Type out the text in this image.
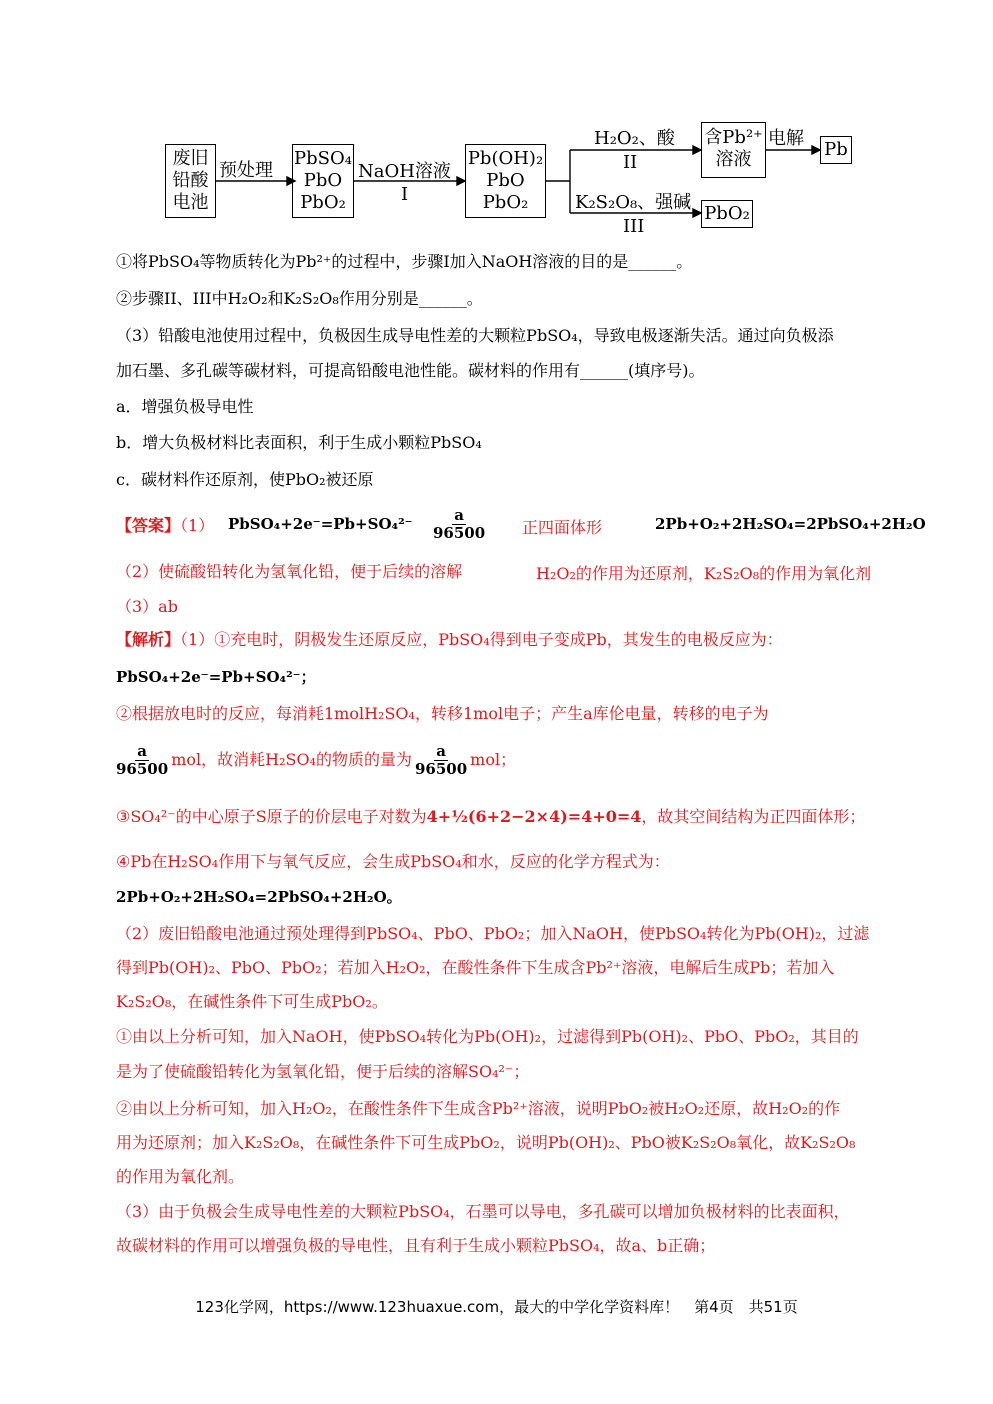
废旧
铅酸
电池
预处理
PbSO₄
PbO
PbO₂
NaOH溶液
I
Pb(OH)₂
PbO
PbO₂
H₂O₂、酸
II
含Pb²⁺
溶液
电解
Pb
K₂S₂O₈、强碱
III
PbO₂
①将PbSO₄等物质转化为Pb²⁺的过程中，步骤I加入NaOH溶液的目的是______。
②步骤II、III中H₂O₂和K₂S₂O₈作用分别是______。
（3）铅酸电池使用过程中，负极因生成导电性差的大颗粒PbSO₄，导致电极逐渐失活。通过向负极添
加石墨、多孔碳等碳材料，可提高铅酸电池性能。碳材料的作用有______(填序号)。
a．增强负极导电性
b．增大负极材料比表面积，利于生成小颗粒PbSO₄
c．碳材料作还原剂，使PbO₂被还原
【答案】（1） PbSO₄+2e⁻=Pb+SO₄²⁻ $\frac{a}{96500}$ 正四面体形	2Pb+O₂+2H₂SO₄=2PbSO₄+2H₂O
（2）使硫酸铅转化为氢氧化铅，便于后续的溶解	H₂O₂的作用为还原剂，K₂S₂O₈的作用为氧化剂
（3）ab
【解析】（1）①充电时，阴极发生还原反应，PbSO₄得到电子变成Pb，其发生的电极反应为：
PbSO₄+2e⁻=Pb+SO₄²⁻；
②根据放电时的反应，每消耗1molH₂SO₄，转移1mol电子；产生a库伦电量，转移的电子为
$\frac{a}{96500}$ mol，故消耗H₂SO₄的物质的量为 $\frac{a}{96500}$ mol；
③SO₄²⁻的中心原子S原子的价层电子对数为4+½(6+2−2×4)=4+0=4，故其空间结构为正四面体形；
④Pb在H₂SO₄作用下与氧气反应，会生成PbSO₄和水，反应的化学方程式为：
2Pb+O₂+2H₂SO₄=2PbSO₄+2H₂O。
（2）废旧铅酸电池通过预处理得到PbSO₄、PbO、PbO₂；加入NaOH，使PbSO₄转化为Pb(OH)₂，过滤
得到Pb(OH)₂、PbO、PbO₂；若加入H₂O₂，在酸性条件下生成含Pb²⁺溶液，电解后生成Pb；若加入
K₂S₂O₈，在碱性条件下可生成PbO₂。
①由以上分析可知，加入NaOH，使PbSO₄转化为Pb(OH)₂，过滤得到Pb(OH)₂、PbO、PbO₂，其目的
是为了使硫酸铅转化为氢氧化铅，便于后续的溶解SO₄²⁻；
②由以上分析可知，加入H₂O₂，在酸性条件下生成含Pb²⁺溶液，说明PbO₂被H₂O₂还原，故H₂O₂的作
用为还原剂；加入K₂S₂O₈，在碱性条件下可生成PbO₂，说明Pb(OH)₂、PbO被K₂S₂O₈氧化，故K₂S₂O₈
的作用为氧化剂。
（3）由于负极会生成导电性差的大颗粒PbSO₄，石墨可以导电，多孔碳可以增加负极材料的比表面积，
故碳材料的作用可以增强负极的导电性，且有利于生成小颗粒PbSO₄，故a、b正确；
123化学网，https://www.123huaxue.com，最大的中学化学资料库！　第4页　共51页
